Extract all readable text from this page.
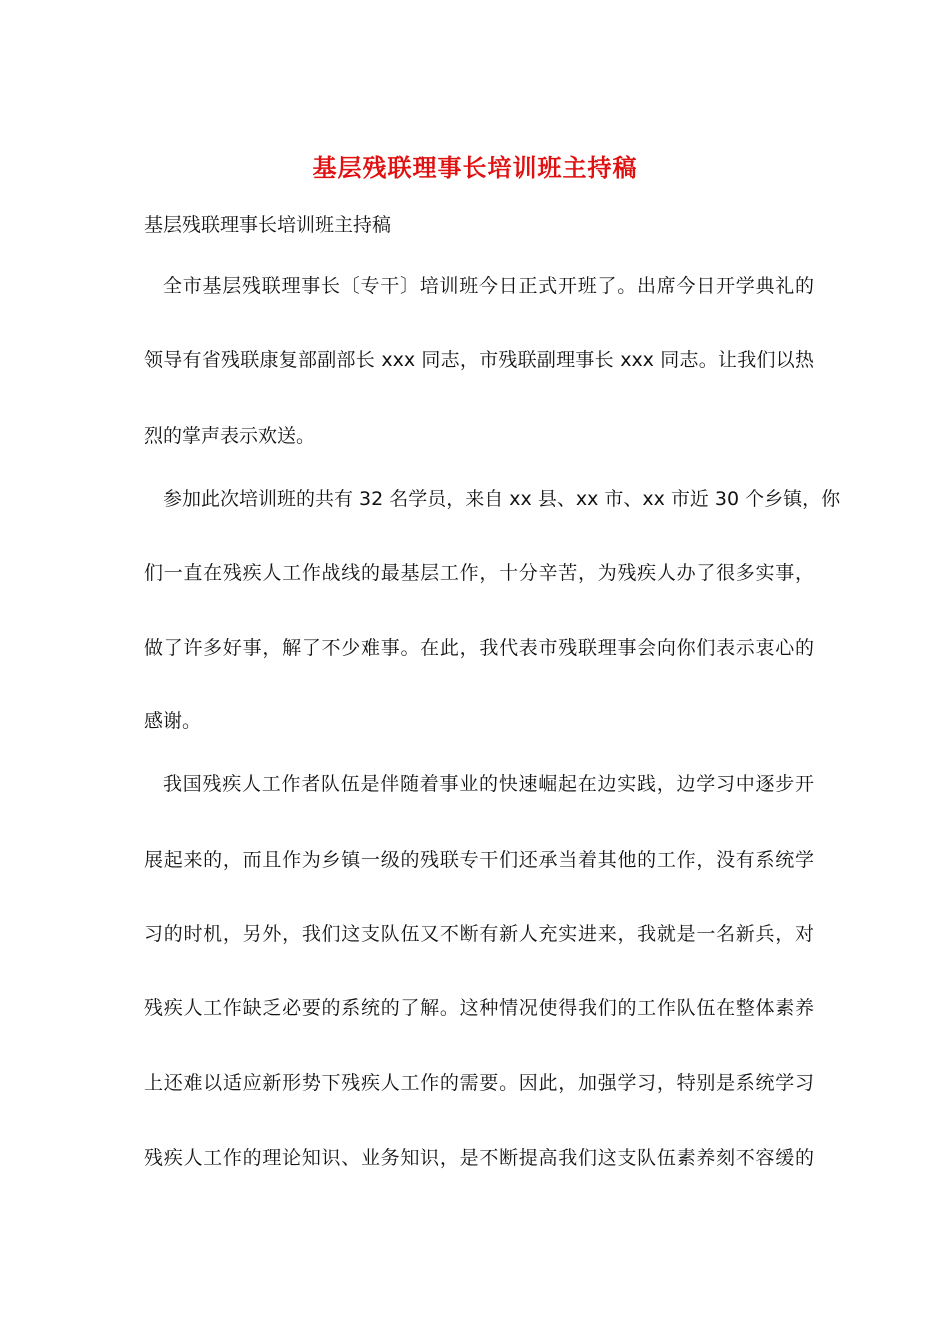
基层残联理事长培训班主持稿
基层残联理事长培训班主持稿
全市基层残联理事长〔专干〕培训班今日正式开班了。出席今日开学典礼的
领导有省残联康复部副部长 xxx 同志，市残联副理事长 xxx 同志。让我们以热
烈的掌声表示欢送。
参加此次培训班的共有 32 名学员，来自 xx 县、xx 市、xx 市近 30 个乡镇，你
们一直在残疾人工作战线的最基层工作，十分辛苦，为残疾人办了很多实事，
做了许多好事，解了不少难事。在此，我代表市残联理事会向你们表示衷心的
感谢。
我国残疾人工作者队伍是伴随着事业的快速崛起在边实践，边学习中逐步开
展起来的，而且作为乡镇一级的残联专干们还承当着其他的工作，没有系统学
习的时机，另外，我们这支队伍又不断有新人充实进来，我就是一名新兵，对
残疾人工作缺乏必要的系统的了解。这种情况使得我们的工作队伍在整体素养
上还难以适应新形势下残疾人工作的需要。因此，加强学习，特别是系统学习
残疾人工作的理论知识、业务知识，是不断提高我们这支队伍素养刻不容缓的
